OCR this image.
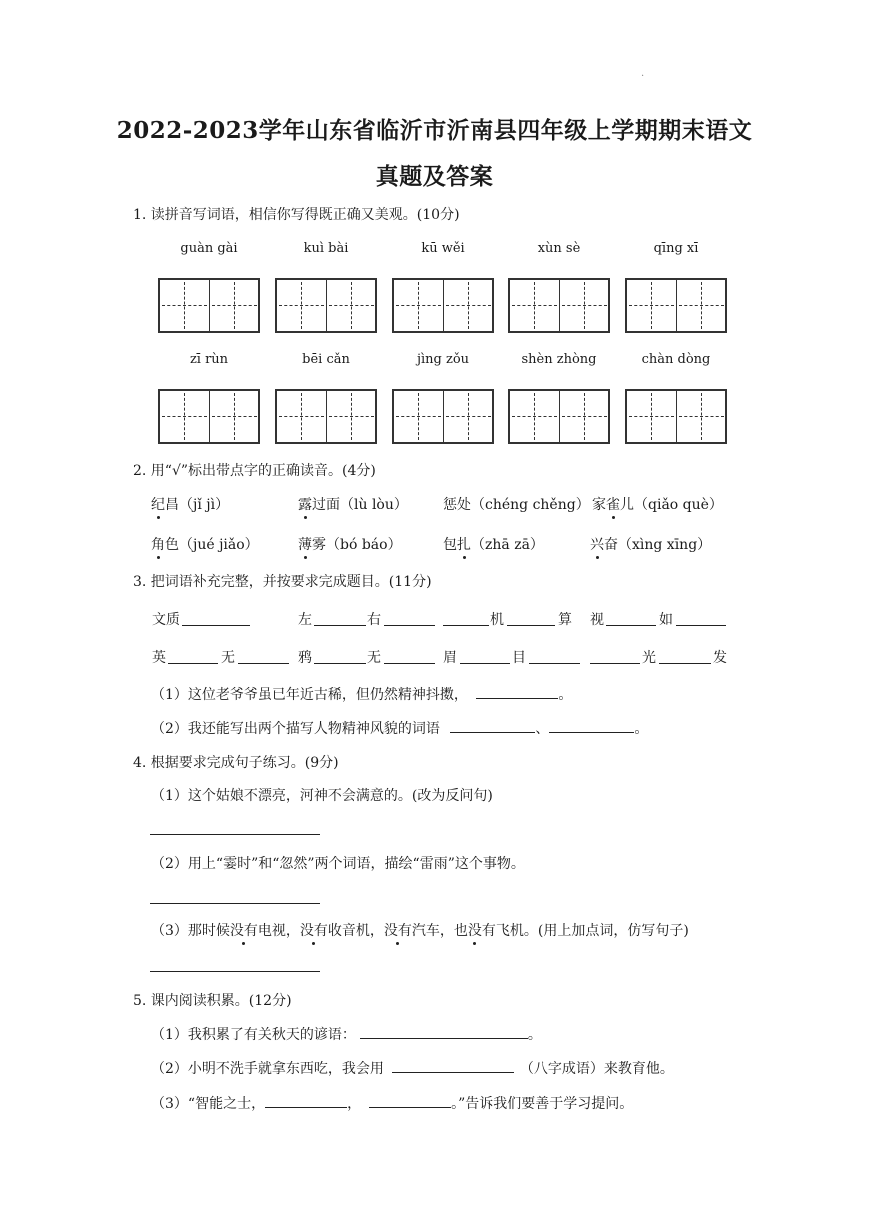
.
2022-2023学年山东省临沂市沂南县四年级上学期期末语文
真题及答案
1. 读拼音写词语，相信你写得既正确又美观。(10分)
guàn gài	kuì bài	kū wěi	xùn sè	qīng xī
zī rùn	bēi cǎn	jìng zǒu	shèn zhòng	chàn dòng
2. 用“√”标出带点字的正确读音。(4分)
纪昌（jǐ jì）	露过面（lù lòu）	惩处（chéng chěng） 家雀儿（qiǎo què）
角色（jué jiǎo）	薄雾（bó báo）	包扎（zhā zā）	兴奋（xìng xīng）
3. 把词语补充完整，并按要求完成题目。(11分)
文质	左	右	机	算 视	如
英	无	鸦	无	眉	目	光	发
（1）这位老爷爷虽已年近古稀，但仍然精神抖擞，	。
（2）我还能写出两个描写人物精神风貌的词语	、	。
4. 根据要求完成句子练习。(9分)
（1）这个姑娘不漂亮，河神不会满意的。(改为反问句)
（2）用上“霎时”和“忽然”两个词语，描绘“雷雨”这个事物。
（3）那时候没有电视，没有收音机，没有汽车，也没有飞机。(用上加点词，仿写句子)
5. 课内阅读积累。(12分)
（1）我积累了有关秋天的谚语：	。
（2）小明不洗手就拿东西吃，我会用	（八字成语）来教育他。
（3）“智能之士，	，	。”告诉我们要善于学习提问。
